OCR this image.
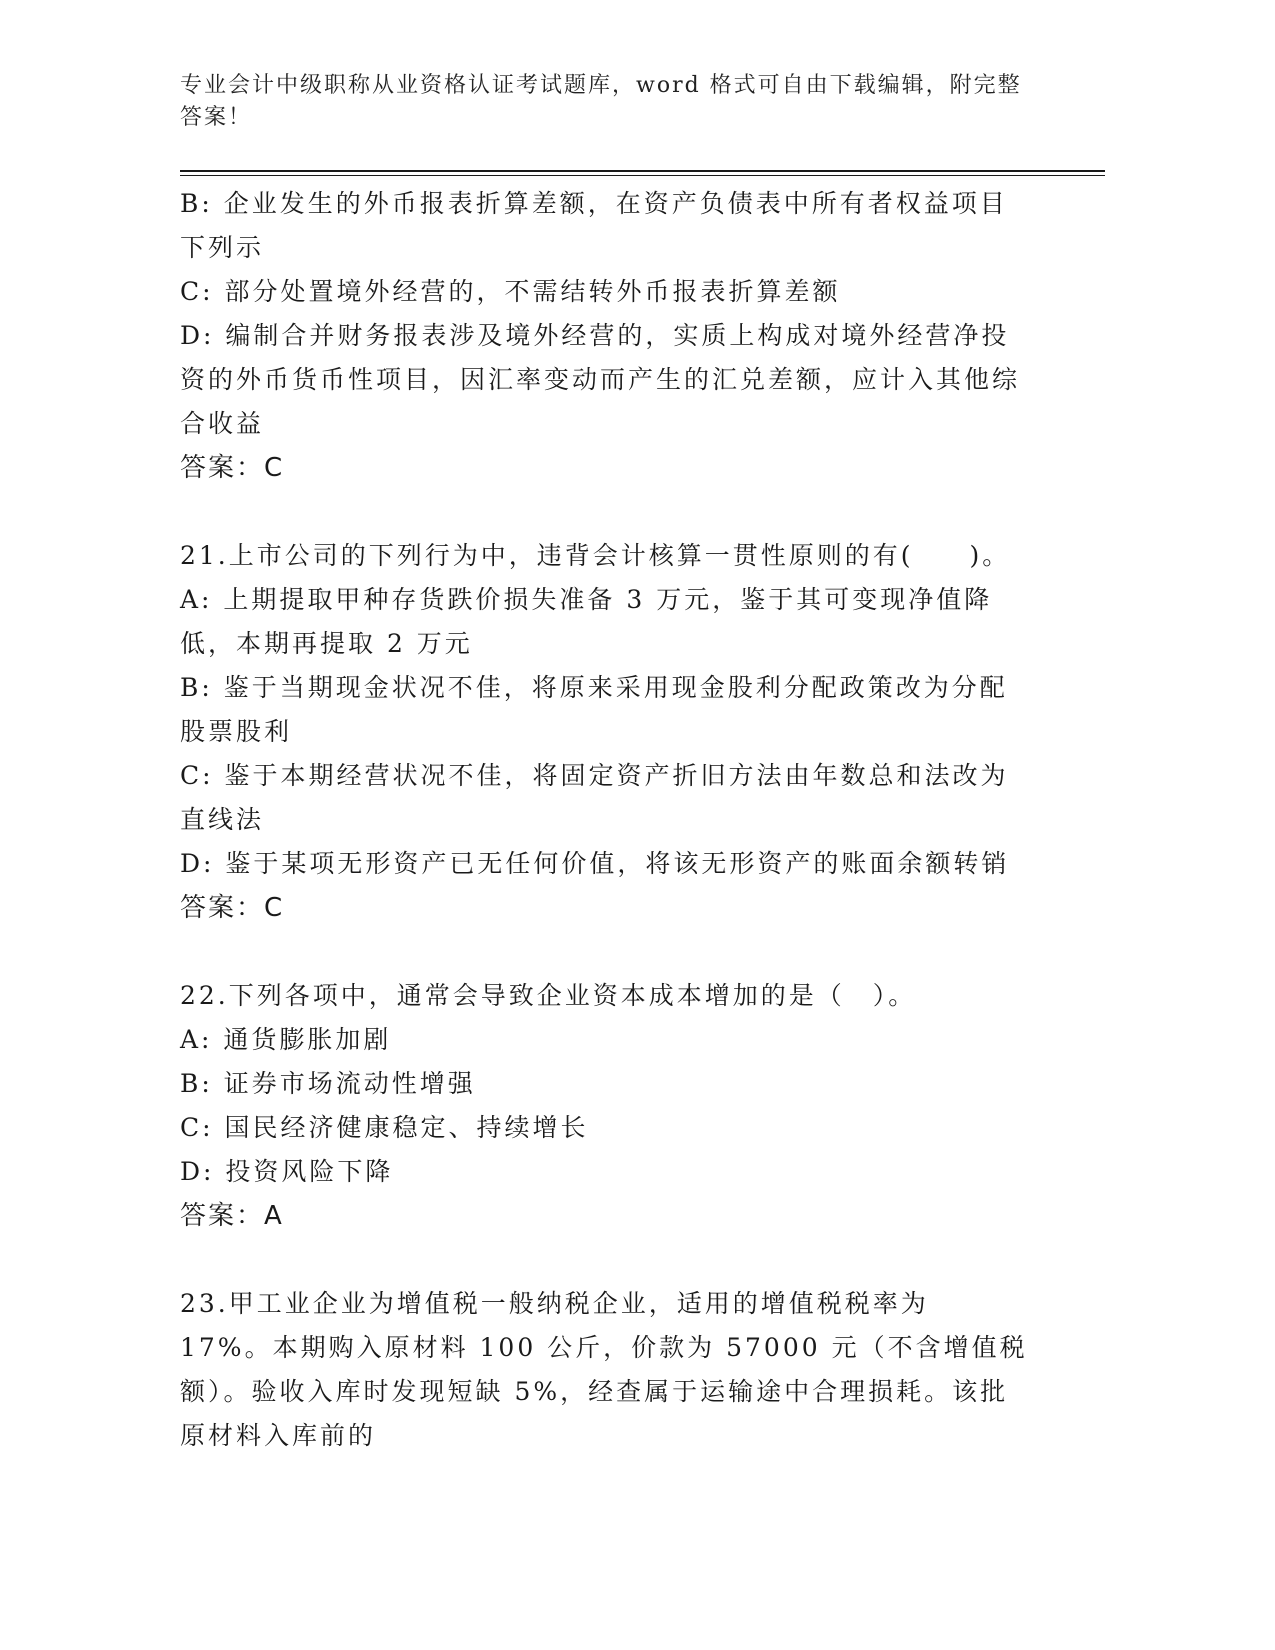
专业会计中级职称从业资格认证考试题库，word 格式可自由下载编辑，附完整答案！
B: 企业发生的外币报表折算差额，在资产负债表中所有者权益项目下列示
C: 部分处置境外经营的，不需结转外币报表折算差额
D: 编制合并财务报表涉及境外经营的，实质上构成对境外经营净投资的外币货币性项目，因汇率变动而产生的汇兑差额，应计入其他综合收益
答案：C
21.上市公司的下列行为中，违背会计核算一贯性原则的有(　　)。
A: 上期提取甲种存货跌价损失准备 3 万元，鉴于其可变现净值降低，本期再提取 2 万元
B: 鉴于当期现金状况不佳，将原来采用现金股利分配政策改为分配股票股利
C: 鉴于本期经营状况不佳，将固定资产折旧方法由年数总和法改为直线法
D: 鉴于某项无形资产已无任何价值，将该无形资产的账面余额转销
答案：C
22.下列各项中，通常会导致企业资本成本增加的是（　）。
A: 通货膨胀加剧
B: 证券市场流动性增强
C: 国民经济健康稳定、持续增长
D: 投资风险下降
答案：A
23.甲工业企业为增值税一般纳税企业，适用的增值税税率为 17%。本期购入原材料 100 公斤，价款为 57000 元（不含增值税额）。验收入库时发现短缺 5%，经查属于运输途中合理损耗。该批原材料入库前的
